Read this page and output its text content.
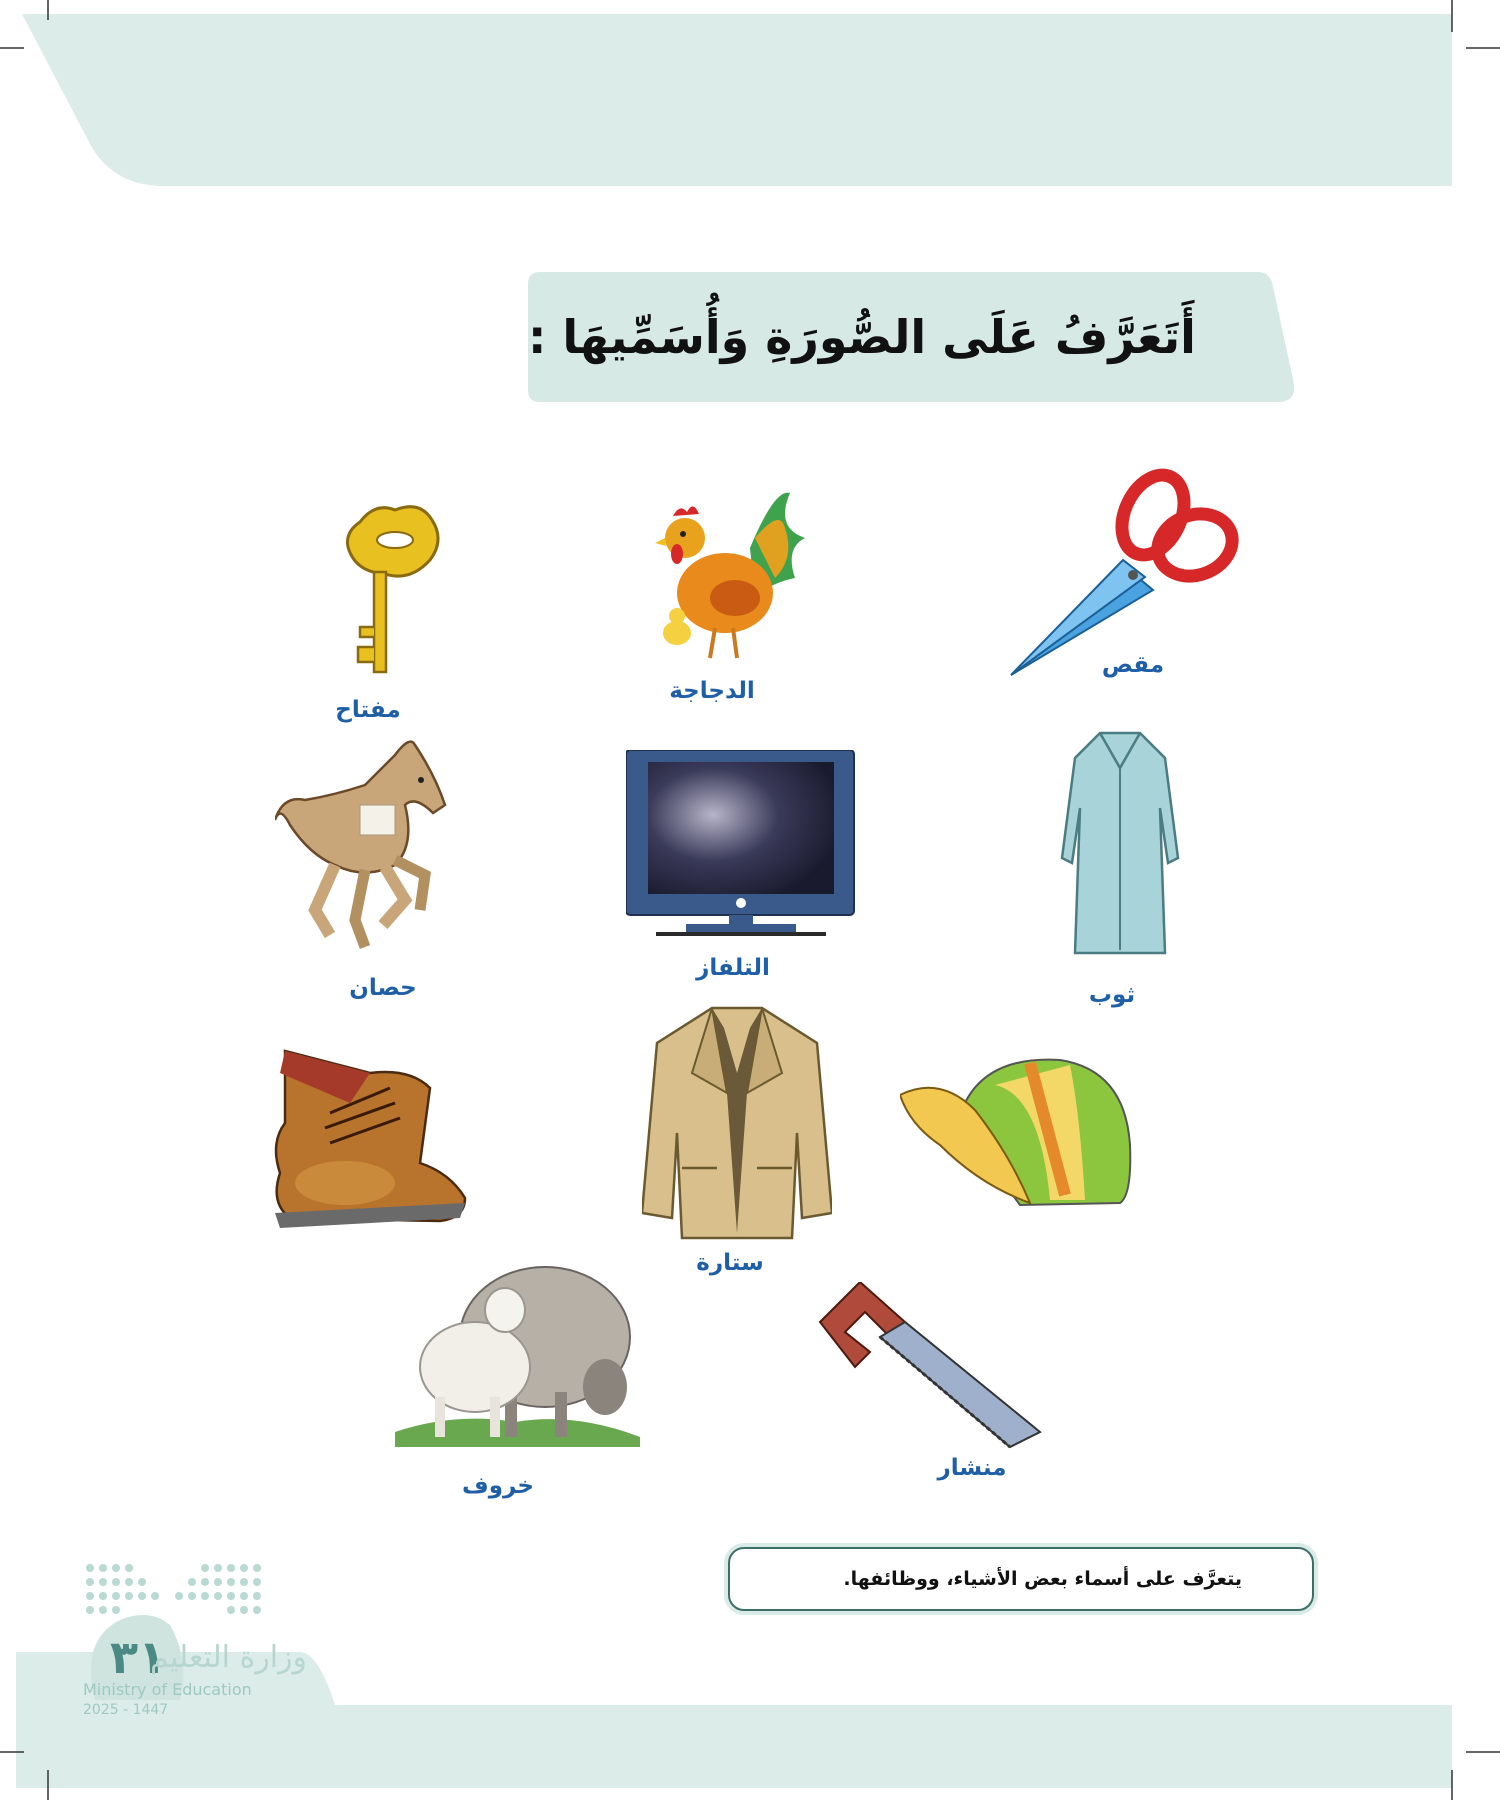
أَتَعَرَّفُ عَلَى الصُّورَةِ وَأُسَمِّيهَا :
مقص
الدجاجة
مفتاح
ثوب
التلفاز
حصان
ستارة
منشار
خروف
يتعرَّف على أسماء بعض الأشياء، ووظائفها.
٣١
وزارة التعليم
Ministry of Education
2025 - 1447
